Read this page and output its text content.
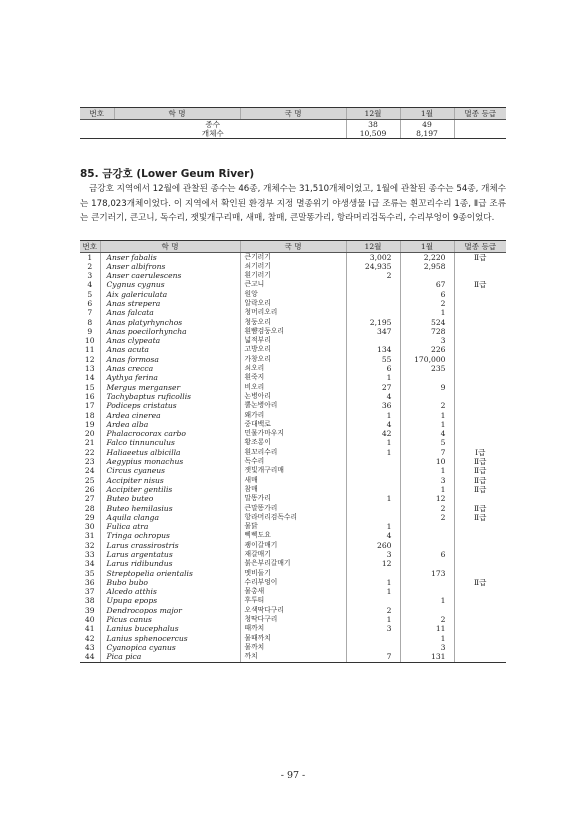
번호	학 명	국 명	12월	1월	멸종 등급
종수			38	49	
개체수			10,509	8,197	
85. 금강호 (Lower Geum River)

금강호 지역에서 12월에 관찰된 종수는 46종, 개체수는 31,510개체이었고, 1월에 관찰된 종수는 54종, 개체수는 178,023개체이었다. 이 지역에서 확인된 환경부 지정 멸종위기 야생생물 Ⅰ급 조류는 흰꼬리수리 1종, Ⅱ급 조류는 큰기러기, 큰고니, 독수리, 잿빛개구리매, 새매, 참매, 큰말똥가리, 항라머리검독수리, 수리부엉이 9종이었다.

번호	학 명	국 명	12월	1월	멸종 등급
1	Anser fabalis	큰기러기	3,002	2,220	Ⅱ급
2	Anser albifrons	쇠기러기	24,935	2,958	
3	Anser caerulescens	흰기러기	2		
4	Cygnus cygnus	큰고니		67	Ⅱ급
5	Aix galericulata	원앙		6	
6	Anas strepera	알락오리		2	
7	Anas falcata	청머리오리		1	
8	Anas platyrhynchos	청둥오리	2,195	524	
9	Anas poecilorhyncha	흰뺨검둥오리	347	728	
10	Anas clypeata	넓적부리		3	
11	Anas acuta	고방오리	134	226	
12	Anas formosa	가창오리	55	170,000	
13	Anas crecca	쇠오리	6	235	
14	Aythya ferina	흰죽지	1		
15	Mergus merganser	비오리	27	9	
16	Tachybaptus ruficollis	논병아리	4		
17	Podiceps cristatus	뿔논병아리	36	2	
18	Ardea cinerea	왜가리	1	1	
19	Ardea alba	중대백로	4	1	
20	Phalacrocorax carbo	민물가마우지	42	4	
21	Falco tinnunculus	황조롱이	1	5	
22	Haliaeetus albicilla	흰꼬리수리	1	7	Ⅰ급
23	Aegypius monachus	독수리		10	Ⅱ급
24	Circus cyaneus	잿빛개구리매		1	Ⅱ급
25	Accipiter nisus	새매		3	Ⅱ급
26	Accipiter gentilis	참매		1	Ⅱ급
27	Buteo buteo	말똥가리	1	12	
28	Buteo hemilasius	큰말똥가리		2	Ⅱ급
29	Aquila clanga	항라머리검독수리		2	Ⅱ급
30	Fulica atra	물닭	1		
31	Tringa ochropus	삑삑도요	4		
32	Larus crassirostris	괭이갈매기	260		
33	Larus argentatus	재갈매기	3	6	
34	Larus ridibundus	붉은부리갈매기	12		
35	Streptopelia orientalis	멧비둘기		173	
36	Bubo bubo	수리부엉이	1		Ⅱ급
37	Alcedo atthis	물총새	1		
38	Upupa epops	후투티		1	
39	Dendrocopos major	오색딱다구리	2		
40	Picus canus	청딱다구리	1	2	
41	Lanius bucephalus	때까치	3	11	
42	Lanius sphenocercus	물때까치		1	
43	Cyanopica cyanus	물까치		3	
44	Pica pica	까치	7	131	
- 97 -
